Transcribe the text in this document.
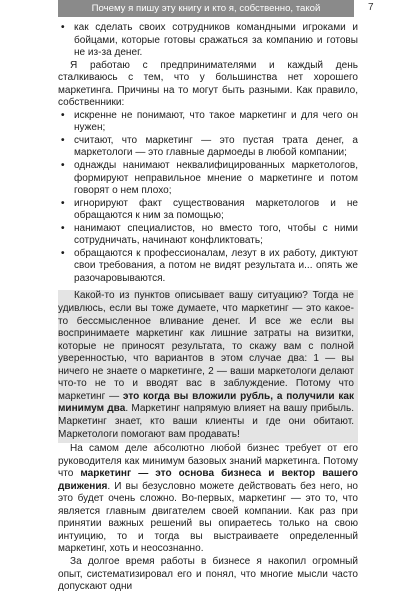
Почему я пишу эту книгу и кто я, собственно, такой	7
• как сделать своих сотрудников командными игроками и бойцами, которые готовы сражаться за компанию и готовы не из-за денег.

Я работаю с предпринимателями и каждый день сталкиваюсь с тем, что у большинства нет хорошего маркетинга. Причины на то могут быть разными. Как правило, собственники:

• искренне не понимают, что такое маркетинг и для чего он нужен;
• считают, что маркетинг — это пустая трата денег, а маркетологи — это главные дармоеды в любой компании;
• однажды нанимают неквалифицированных маркетологов, формируют неправильное мнение о маркетинге и потом говорят о нем плохо;
• игнорируют факт существования маркетологов и не обращаются к ним за помощью;
• нанимают специалистов, но вместо того, чтобы с ними сотрудничать, начинают конфликтовать;
• обращаются к профессионалам, лезут в их работу, диктуют свои требования, а потом не видят результата и... опять же разочаровываются.

Какой-то из пунктов описывает вашу ситуацию? Тогда не удивлюсь, если вы тоже думаете, что маркетинг — это какое-то бессмысленное вливание денег. И все же если вы воспринимаете маркетинг как лишние затраты на визитки, которые не приносят результата, то скажу вам с полной уверенностью, что вариантов в этом случае два: 1 — вы ничего не знаете о маркетинге, 2 — ваши маркетологи делают что-то не то и вводят вас в заблуждение. Потому что маркетинг — это когда вы вложили рубль, а получили как минимум два. Маркетинг напрямую влияет на вашу прибыль. Маркетинг знает, кто ваши клиенты и где они обитают. Маркетологи помогают вам продавать!

На самом деле абсолютно любой бизнес требует от его руководителя как минимум базовых знаний маркетинга. Потому что маркетинг — это основа бизнеса и вектор вашего движения. И вы безусловно можете действовать без него, но это будет очень сложно. Во-первых, маркетинг — это то, что является главным двигателем своей компании. Как раз при принятии важных решений вы опираетесь только на свою интуицию, то и тогда вы выстраиваете определенный маркетинг, хоть и неосознанно.

За долгое время работы в бизнесе я накопил огромный опыт, систематизировал его и понял, что многие мысли часто допускают одни
